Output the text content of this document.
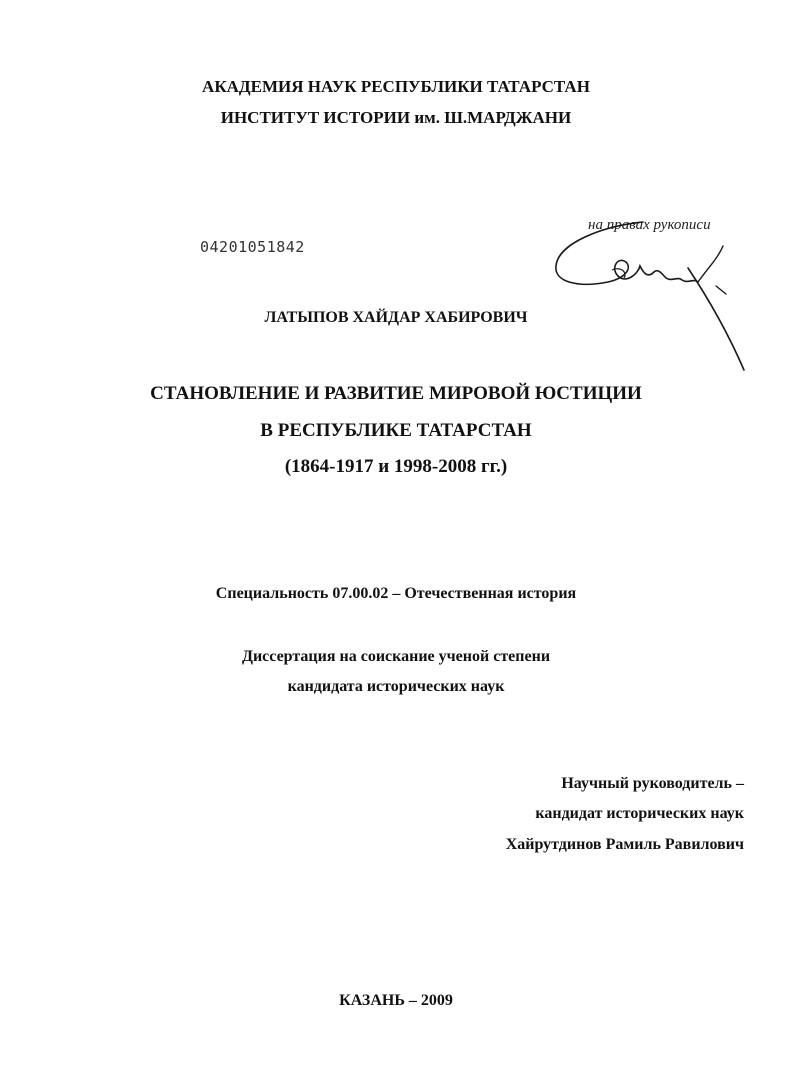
АКАДЕМИЯ НАУК РЕСПУБЛИКИ ТАТАРСТАН
ИНСТИТУТ ИСТОРИИ им. Ш.МАРДЖАНИ
04201051842
на правах рукописи
ЛАТЫПОВ ХАЙДАР ХАБИРОВИЧ
СТАНОВЛЕНИЕ И РАЗВИТИЕ МИРОВОЙ ЮСТИЦИИ
В РЕСПУБЛИКЕ ТАТАРСТАН
(1864-1917 и 1998-2008 гг.)
Специальность 07.00.02 – Отечественная история
Диссертация на соискание ученой степени
кандидата исторических наук
Научный руководитель –
кандидат исторических наук
Хайрутдинов Рамиль Равилович
КАЗАНЬ – 2009
